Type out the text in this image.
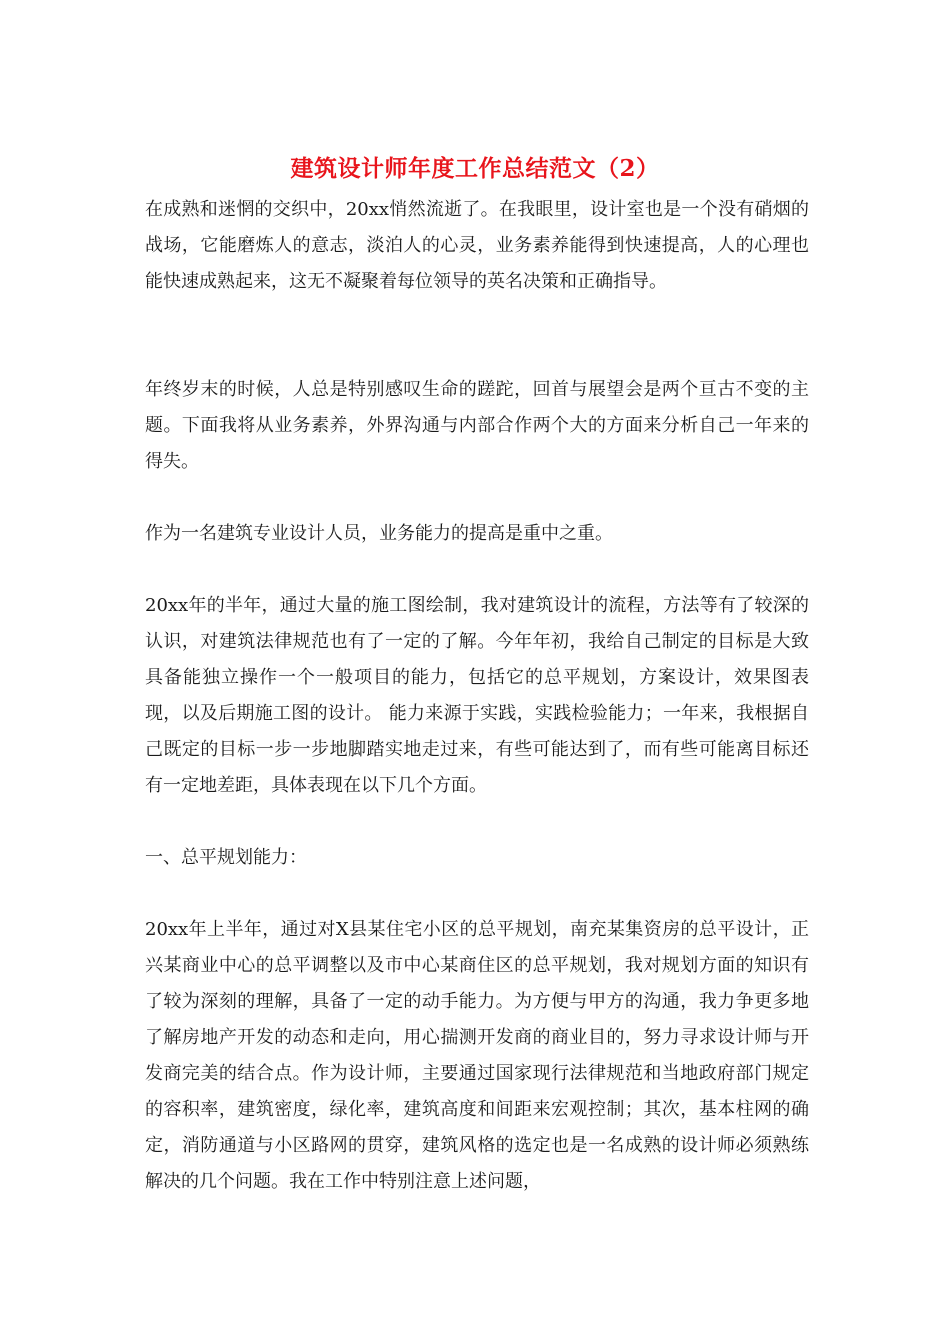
建筑设计师年度工作总结范文（2）

在成熟和迷惘的交织中，20xx悄然流逝了。在我眼里，设计室也是一个没有硝烟的战场，它能磨炼人的意志，淡泊人的心灵，业务素养能得到快速提高，人的心理也能快速成熟起来，这无不凝聚着每位领导的英名决策和正确指导。

年终岁末的时候，人总是特别感叹生命的蹉跎，回首与展望会是两个亘古不变的主题。下面我将从业务素养，外界沟通与内部合作两个大的方面来分析自己一年来的得失。

作为一名建筑专业设计人员，业务能力的提高是重中之重。

20xx年的半年，通过大量的施工图绘制，我对建筑设计的流程，方法等有了较深的认识，对建筑法律规范也有了一定的了解。今年年初，我给自己制定的目标是大致具备能独立操作一个一般项目的能力，包括它的总平规划，方案设计，效果图表现，以及后期施工图的设计。 能力来源于实践，实践检验能力；一年来，我根据自己既定的目标一步一步地脚踏实地走过来，有些可能达到了，而有些可能离目标还有一定地差距，具体表现在以下几个方面。

一、总平规划能力：

20xx年上半年，通过对X县某住宅小区的总平规划，南充某集资房的总平设计，正兴某商业中心的总平调整以及市中心某商住区的总平规划，我对规划方面的知识有了较为深刻的理解，具备了一定的动手能力。为方便与甲方的沟通，我力争更多地了解房地产开发的动态和走向，用心揣测开发商的商业目的，努力寻求设计师与开发商完美的结合点。作为设计师，主要通过国家现行法律规范和当地政府部门规定的容积率，建筑密度，绿化率，建筑高度和间距来宏观控制；其次，基本柱网的确定，消防通道与小区路网的贯穿，建筑风格的选定也是一名成熟的设计师必须熟练解决的几个问题。我在工作中特别注意上述问题，
